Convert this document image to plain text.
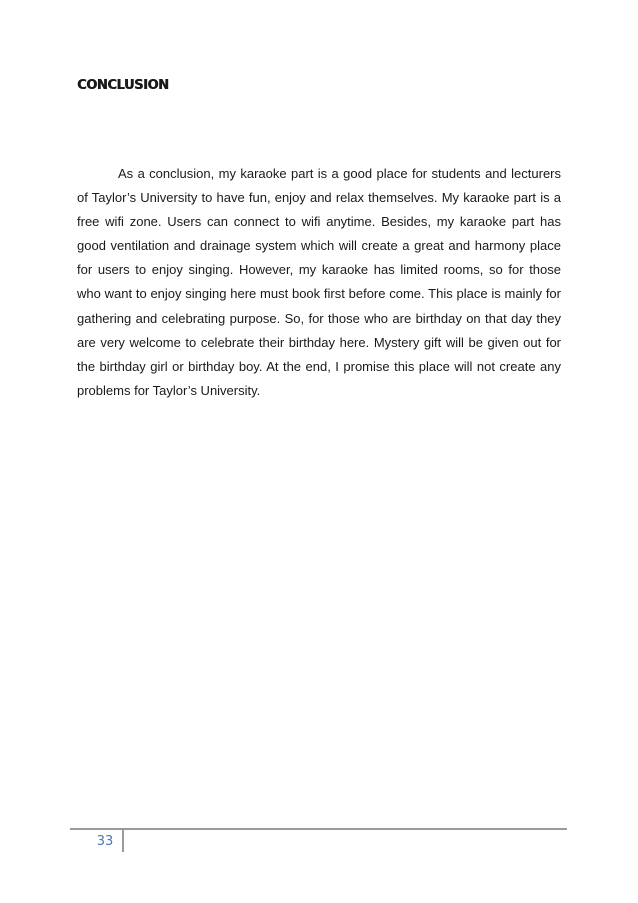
CONCLUSION

As a conclusion, my karaoke part is a good place for students and lecturers of Taylor’s University to have fun, enjoy and relax themselves. My karaoke part is a free wifi zone. Users can connect to wifi anytime. Besides, my karaoke part has good ventilation and drainage system which will create a great and harmony place for users to enjoy singing. However, my karaoke has limited rooms, so for those who want to enjoy singing here must book first before come. This place is mainly for gathering and celebrating purpose. So, for those who are birthday on that day they are very welcome to celebrate their birthday here. Mystery gift will be given out for the birthday girl or birthday boy. At the end, I promise this place will not create any problems for Taylor’s University.

33
